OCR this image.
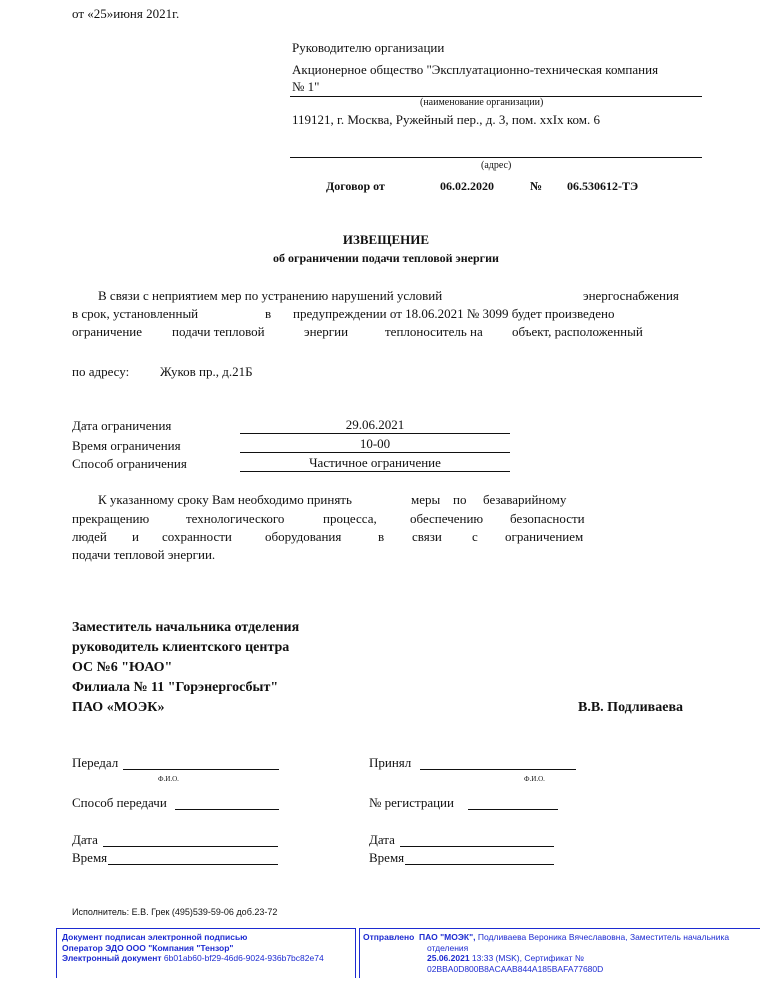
от «25»июня 2021г.
Руководителю организации
Акционерное общество "Эксплуатационно-техническая компания
№ 1"
(наименование организации)
119121, г. Москва, Ружейный пер., д. 3, пом. xxIx ком. 6
(адрес)
Договор от	06.02.2020	№ 06.530612-ТЭ
ИЗВЕЩЕНИЕ
об ограничении подачи тепловой энергии
В связи с неприятием мер по устранению нарушений условий	энергоснабжения
в срок, установленный	в предупреждении от 18.06.2021 № 3099 будет произведено
ограничение подачи тепловой	энергии	теплоноситель на объект, расположенный
по адресу: Жуков пр., д.21Б
Дата ограничения	29.06.2021
Время ограничения	10-00
Способ ограничения	Частичное ограничение
К указанному сроку Вам необходимо принять	меры по безаварийному
прекращению	технологического	процесса,	обеспечению безопасности
людей и сохранности	оборудования	в связи с ограничением
подачи тепловой энергии.
Заместитель начальника отделения
руководитель клиентского центра
ОС №6 "ЮАО"
Филиала № 11 "Горэнергосбыт"
ПАО «МОЭК»	В.В. Подливаева
Передал
Ф.И.О.
Принял
Ф.И.О.
Способ передачи	№ регистрации
Дата
Время
Дата
Время
Исполнитель: Е.В. Грек (495)539-59-06 доб.23-72
Документ подписан электронной подписью
Оператор ЭДО ООО "Компания "Тензор"
Электронный документ 6b01ab60-bf29-46d6-9024-936b7bc82e74
Отправлено ПАО "МОЭК", Подливаева Вероника Вячеславовна, Заместитель начальника
отделения
25.06.2021 13:33 (MSK), Сертификат №
02BBA0D800B8ACAAB844A185BAFA77680D
